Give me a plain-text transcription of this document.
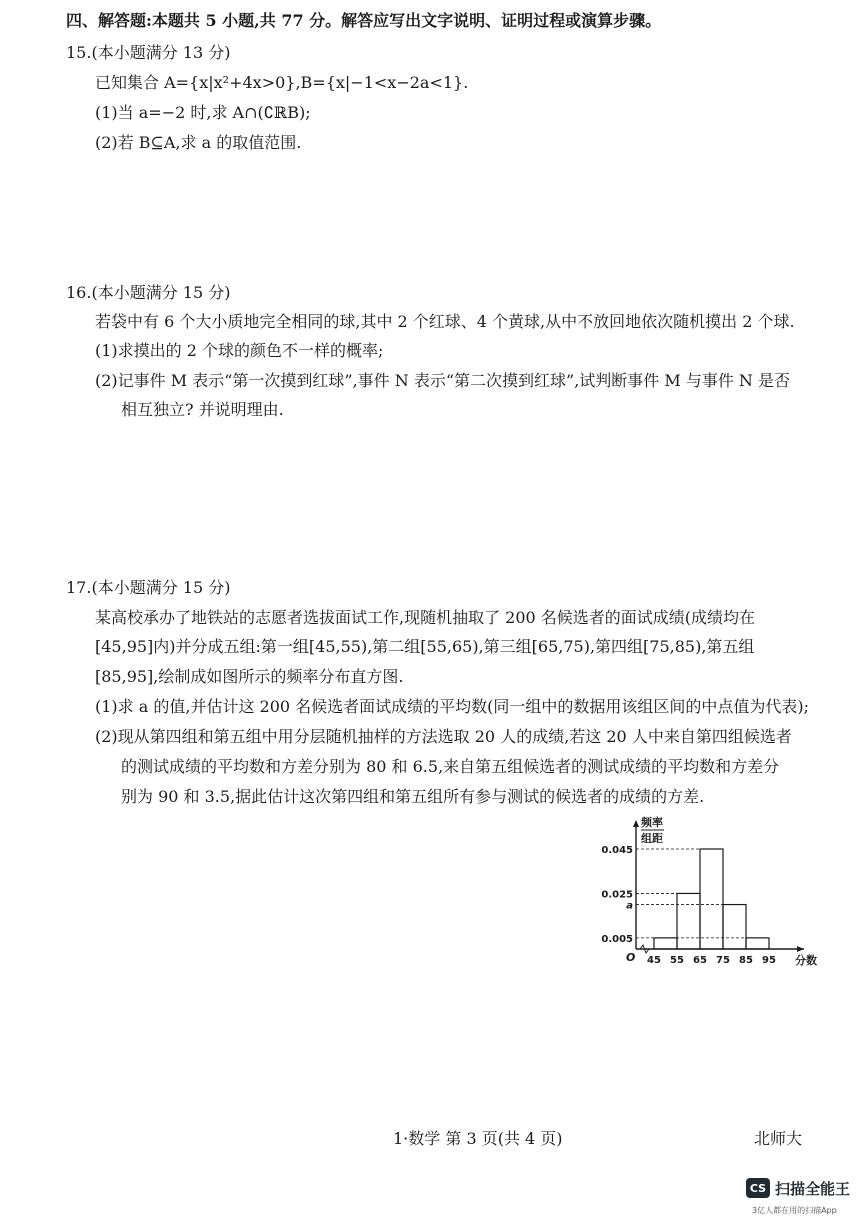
四、解答题:本题共 5 小题,共 77 分。解答应写出文字说明、证明过程或演算步骤。
15.(本小题满分 13 分)
已知集合 A={x|x²+4x>0},B={x|−1<x−2a<1}.
(1)当 a=−2 时,求 A∩(∁ℝB);
(2)若 B⊆A,求 a 的取值范围.
16.(本小题满分 15 分)
若袋中有 6 个大小质地完全相同的球,其中 2 个红球、4 个黄球,从中不放回地依次随机摸出 2 个球.
(1)求摸出的 2 个球的颜色不一样的概率;
(2)记事件 M 表示“第一次摸到红球”,事件 N 表示“第二次摸到红球”,试判断事件 M 与事件 N 是否
相互独立? 并说明理由.
17.(本小题满分 15 分)
某高校承办了地铁站的志愿者选拔面试工作,现随机抽取了 200 名候选者的面试成绩(成绩均在
[45,95]内)并分成五组:第一组[45,55),第二组[55,65),第三组[65,75),第四组[75,85),第五组
[85,95],绘制成如图所示的频率分布直方图.
(1)求 a 的值,并估计这 200 名候选者面试成绩的平均数(同一组中的数据用该组区间的中点值为代表);
(2)现从第四组和第五组中用分层随机抽样的方法选取 20 人的成绩,若这 20 人中来自第四组候选者
的测试成绩的平均数和方差分别为 80 和 6.5,来自第五组候选者的测试成绩的平均数和方差分
别为 90 和 3.5,据此估计这次第四组和第五组所有参与测试的候选者的成绩的方差.
0.005
a
0.025
0.045
45 55 65 75 85 95
O
频率
组距
分数
1·数学 第 3 页(共 4 页)	北师大
CS 扫描全能王
3亿人都在用的扫描App
